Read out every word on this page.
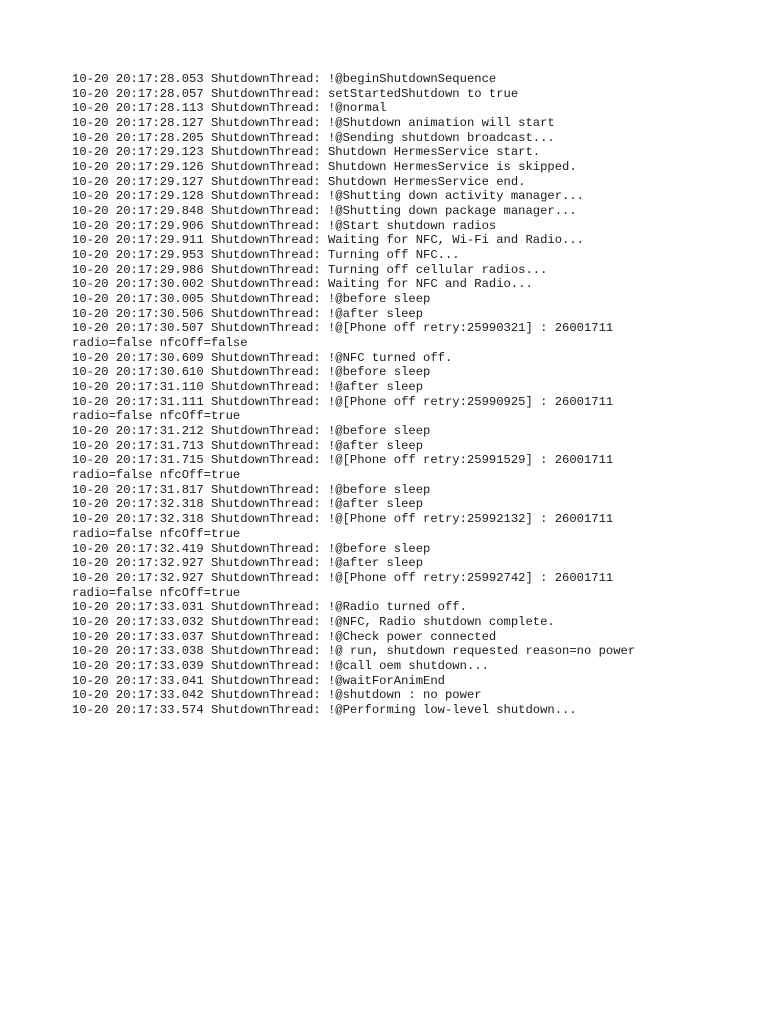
10-20 20:17:28.053 ShutdownThread: !@beginShutdownSequence
10-20 20:17:28.057 ShutdownThread: setStartedShutdown to true
10-20 20:17:28.113 ShutdownThread: !@normal
10-20 20:17:28.127 ShutdownThread: !@Shutdown animation will start
10-20 20:17:28.205 ShutdownThread: !@Sending shutdown broadcast...
10-20 20:17:29.123 ShutdownThread: Shutdown HermesService start.
10-20 20:17:29.126 ShutdownThread: Shutdown HermesService is skipped.
10-20 20:17:29.127 ShutdownThread: Shutdown HermesService end.
10-20 20:17:29.128 ShutdownThread: !@Shutting down activity manager...
10-20 20:17:29.848 ShutdownThread: !@Shutting down package manager...
10-20 20:17:29.906 ShutdownThread: !@Start shutdown radios
10-20 20:17:29.911 ShutdownThread: Waiting for NFC, Wi-Fi and Radio...
10-20 20:17:29.953 ShutdownThread: Turning off NFC...
10-20 20:17:29.986 ShutdownThread: Turning off cellular radios...
10-20 20:17:30.002 ShutdownThread: Waiting for NFC and Radio...
10-20 20:17:30.005 ShutdownThread: !@before sleep
10-20 20:17:30.506 ShutdownThread: !@after sleep
10-20 20:17:30.507 ShutdownThread: !@[Phone off retry:25990321] : 26001711
radio=false nfcOff=false
10-20 20:17:30.609 ShutdownThread: !@NFC turned off.
10-20 20:17:30.610 ShutdownThread: !@before sleep
10-20 20:17:31.110 ShutdownThread: !@after sleep
10-20 20:17:31.111 ShutdownThread: !@[Phone off retry:25990925] : 26001711
radio=false nfcOff=true
10-20 20:17:31.212 ShutdownThread: !@before sleep
10-20 20:17:31.713 ShutdownThread: !@after sleep
10-20 20:17:31.715 ShutdownThread: !@[Phone off retry:25991529] : 26001711
radio=false nfcOff=true
10-20 20:17:31.817 ShutdownThread: !@before sleep
10-20 20:17:32.318 ShutdownThread: !@after sleep
10-20 20:17:32.318 ShutdownThread: !@[Phone off retry:25992132] : 26001711
radio=false nfcOff=true
10-20 20:17:32.419 ShutdownThread: !@before sleep
10-20 20:17:32.927 ShutdownThread: !@after sleep
10-20 20:17:32.927 ShutdownThread: !@[Phone off retry:25992742] : 26001711
radio=false nfcOff=true
10-20 20:17:33.031 ShutdownThread: !@Radio turned off.
10-20 20:17:33.032 ShutdownThread: !@NFC, Radio shutdown complete.
10-20 20:17:33.037 ShutdownThread: !@Check power connected
10-20 20:17:33.038 ShutdownThread: !@ run, shutdown requested reason=no power
10-20 20:17:33.039 ShutdownThread: !@call oem shutdown...
10-20 20:17:33.041 ShutdownThread: !@waitForAnimEnd
10-20 20:17:33.042 ShutdownThread: !@shutdown : no power
10-20 20:17:33.574 ShutdownThread: !@Performing low-level shutdown...
